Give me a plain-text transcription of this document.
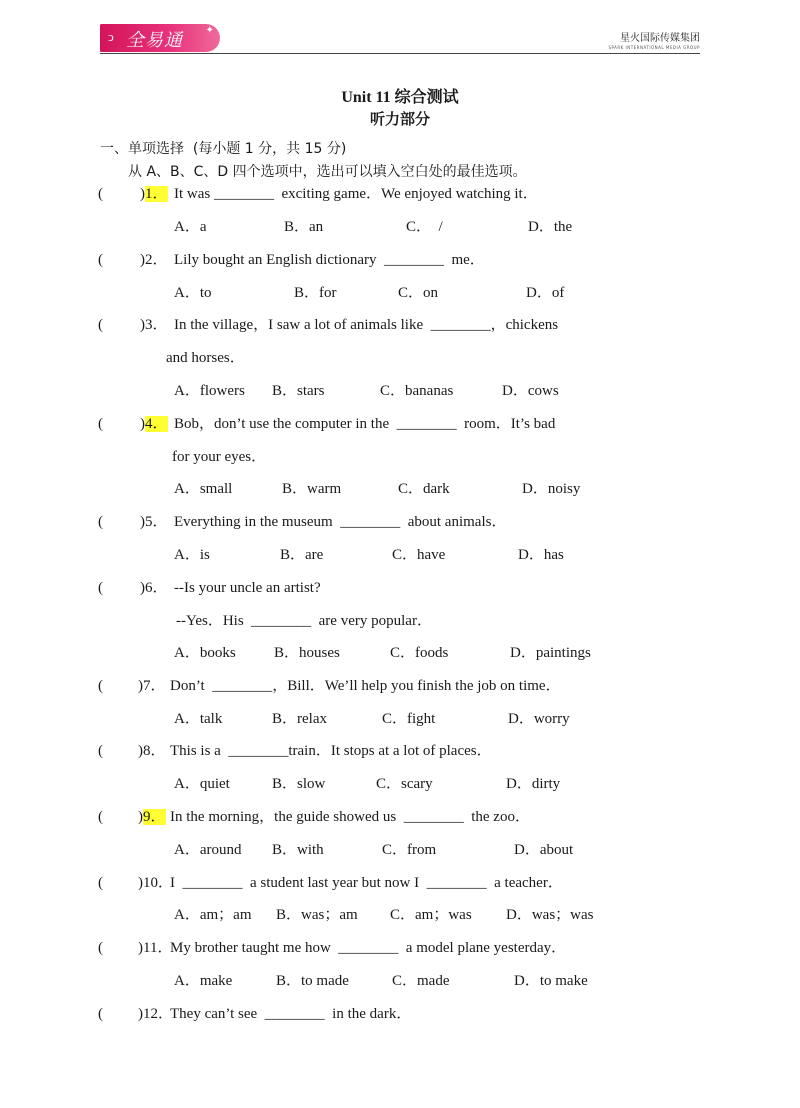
ↄ 全易通 ✦
星火国际传媒集团
SPARK INTERNATIONAL MEDIA GROUP
Unit 11 综合测试
听力部分
一、单项选择  (每小题 1 分，共 15 分)
从 A、B、C、D 四个选项中，选出可以填入空白处的最佳选项。
( )1． It was ________  exciting game．We enjoyed watching it．
A．a	B．an	C．  /	D．the
( )2． Lily bought an English dictionary  ________  me．
A．to	B．for	C．on	D．of
( )3． In the village，I saw a lot of animals like  ________，chickens
and horses．
A．flowers B．stars	C．bananas	D．cows
( )4． Bob，don’t use the computer in the  ________  room．It’s bad
for your eyes．
A．small	B．warm	C．dark	D．noisy
( )5． Everything in the museum  ________  about animals．
A．is	B．are	C．have	D．has
( )6． --Is your uncle an artist?
--Yes．His  ________  are very popular．
A．books	B．houses	C．foods	D．paintings
( )7． Don’t  ________，Bill．We’ll help you finish the job on time．
A．talk	B．relax	C．fight	D．worry
( )8． This is a  ________train．It stops at a lot of places．
A．quiet	B．slow	C．scary	D．dirty
( )9． In the morning，the guide showed us  ________  the zoo．
A．around B．with	C．from	D．about
( )10．
I  ________  a student last year but now I  ________  a teacher．
A．am；am B．was；am C．am；was D．was；was
( )11．
My brother taught me how  ________  a model plane yesterday．
A．make	B．to made	C．made	D．to make
( )12．
They can’t see  ________  in the dark．
